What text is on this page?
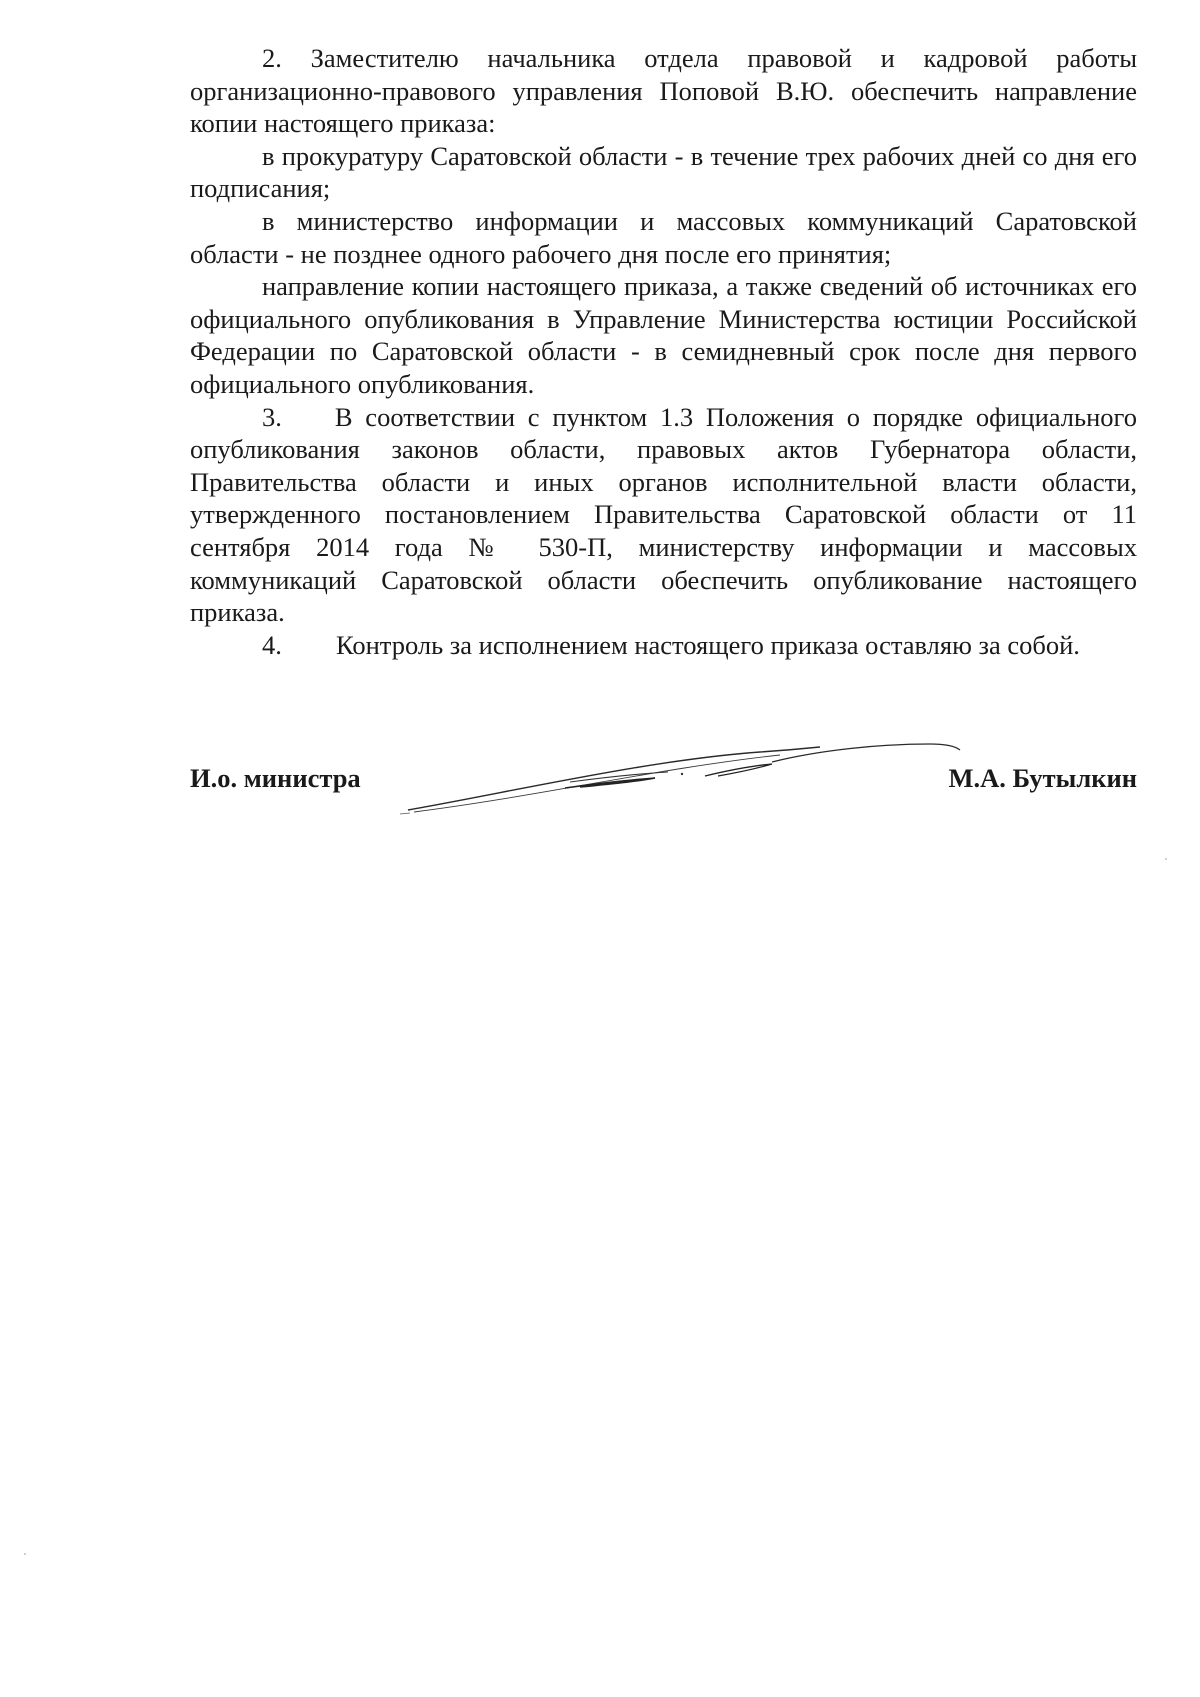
2. Заместителю начальника отдела правовой и кадровой работы организационно-правового управления Поповой В.Ю. обеспечить направление копии настоящего приказа:

в прокуратуру Саратовской области - в течение трех рабочих дней со дня его подписания;

в министерство информации и массовых коммуникаций Саратовской области - не позднее одного рабочего дня после его принятия;

направление копии настоящего приказа, а также сведений об источниках его официального опубликования в Управление Министерства юстиции Российской Федерации по Саратовской области - в семидневный срок после дня первого официального опубликования.

3.  В соответствии с пунктом 1.3 Положения о порядке официального опубликования законов области, правовых актов Губернатора области, Правительства области и иных органов исполнительной власти области, утвержденного постановлением Правительства Саратовской области от 11 сентября 2014 года № 530-П, министерству информации и массовых коммуникаций Саратовской области обеспечить опубликование настоящего приказа.

4.	Контроль за исполнением настоящего приказа оставляю за собой.
И.о. министра	М.А. Бутылкин
